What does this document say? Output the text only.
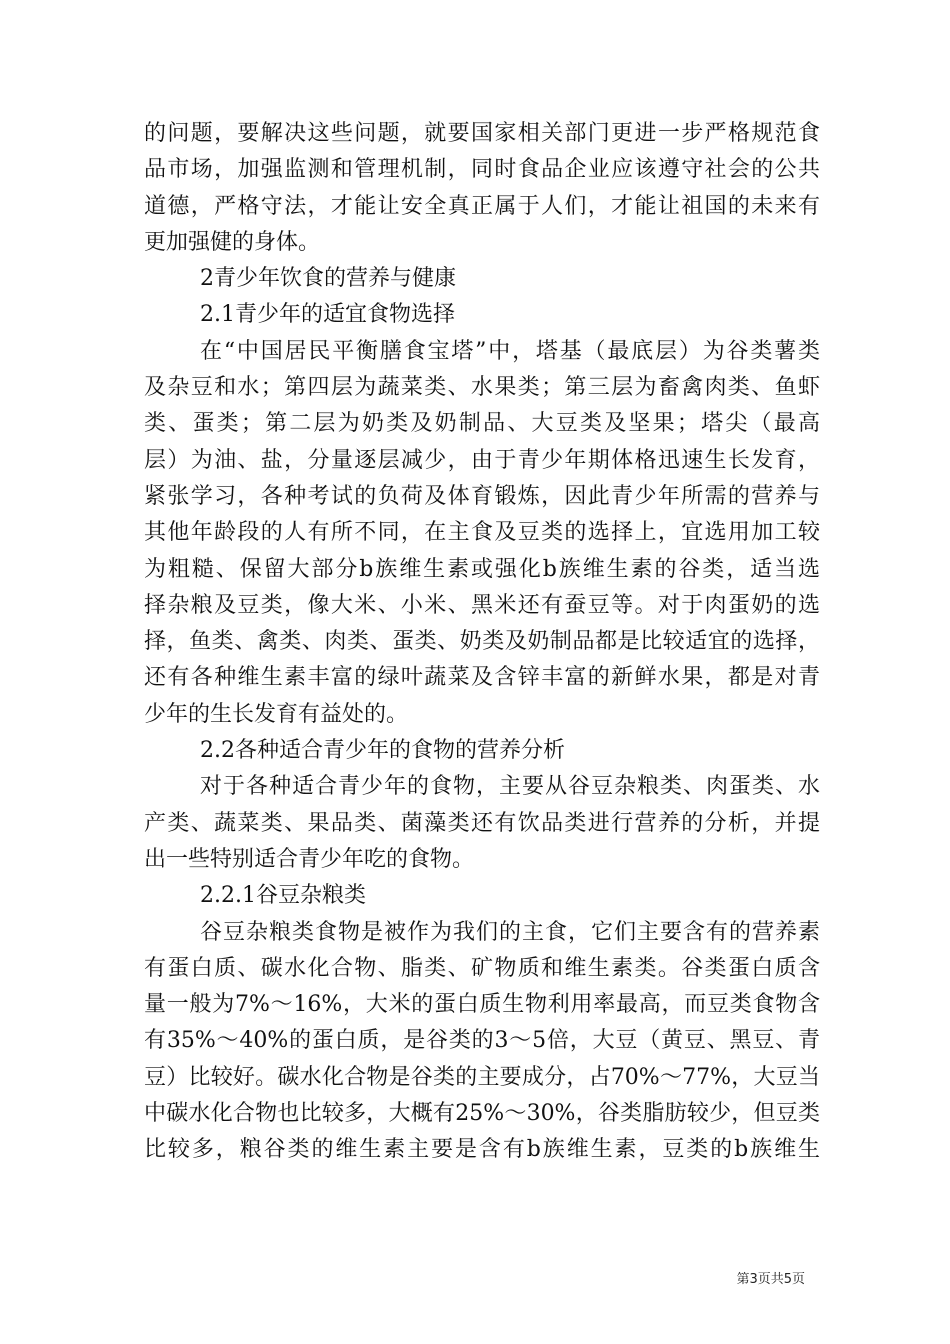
的问题，要解决这些问题，就要国家相关部门更进一步严格规范食
品市场，加强监测和管理机制，同时食品企业应该遵守社会的公共
道德，严格守法，才能让安全真正属于人们，才能让祖国的未来有
更加强健的身体。
2青少年饮食的营养与健康
2.1青少年的适宜食物选择
在“中国居民平衡膳食宝塔”中，塔基（最底层）为谷类薯类
及杂豆和水；第四层为蔬菜类、水果类；第三层为畜禽肉类、鱼虾
类、蛋类；第二层为奶类及奶制品、大豆类及坚果；塔尖（最高
层）为油、盐，分量逐层减少，由于青少年期体格迅速生长发育，
紧张学习，各种考试的负荷及体育锻炼，因此青少年所需的营养与
其他年龄段的人有所不同，在主食及豆类的选择上，宜选用加工较
为粗糙、保留大部分b族维生素或强化b族维生素的谷类，适当选
择杂粮及豆类，像大米、小米、黑米还有蚕豆等。对于肉蛋奶的选
择，鱼类、禽类、肉类、蛋类、奶类及奶制品都是比较适宜的选择，
还有各种维生素丰富的绿叶蔬菜及含锌丰富的新鲜水果，都是对青
少年的生长发育有益处的。
2.2各种适合青少年的食物的营养分析
对于各种适合青少年的食物，主要从谷豆杂粮类、肉蛋类、水
产类、蔬菜类、果品类、菌藻类还有饮品类进行营养的分析，并提
出一些特别适合青少年吃的食物。
2.2.1谷豆杂粮类
谷豆杂粮类食物是被作为我们的主食，它们主要含有的营养素
有蛋白质、碳水化合物、脂类、矿物质和维生素类。谷类蛋白质含
量一般为7%～16%，大米的蛋白质生物利用率最高，而豆类食物含
有35%～40%的蛋白质，是谷类的3～5倍，大豆（黄豆、黑豆、青
豆）比较好。碳水化合物是谷类的主要成分，占70%～77%，大豆当
中碳水化合物也比较多，大概有25%～30%，谷类脂肪较少，但豆类
比较多，粮谷类的维生素主要是含有b族维生素，豆类的b族维生
第3页共5页
